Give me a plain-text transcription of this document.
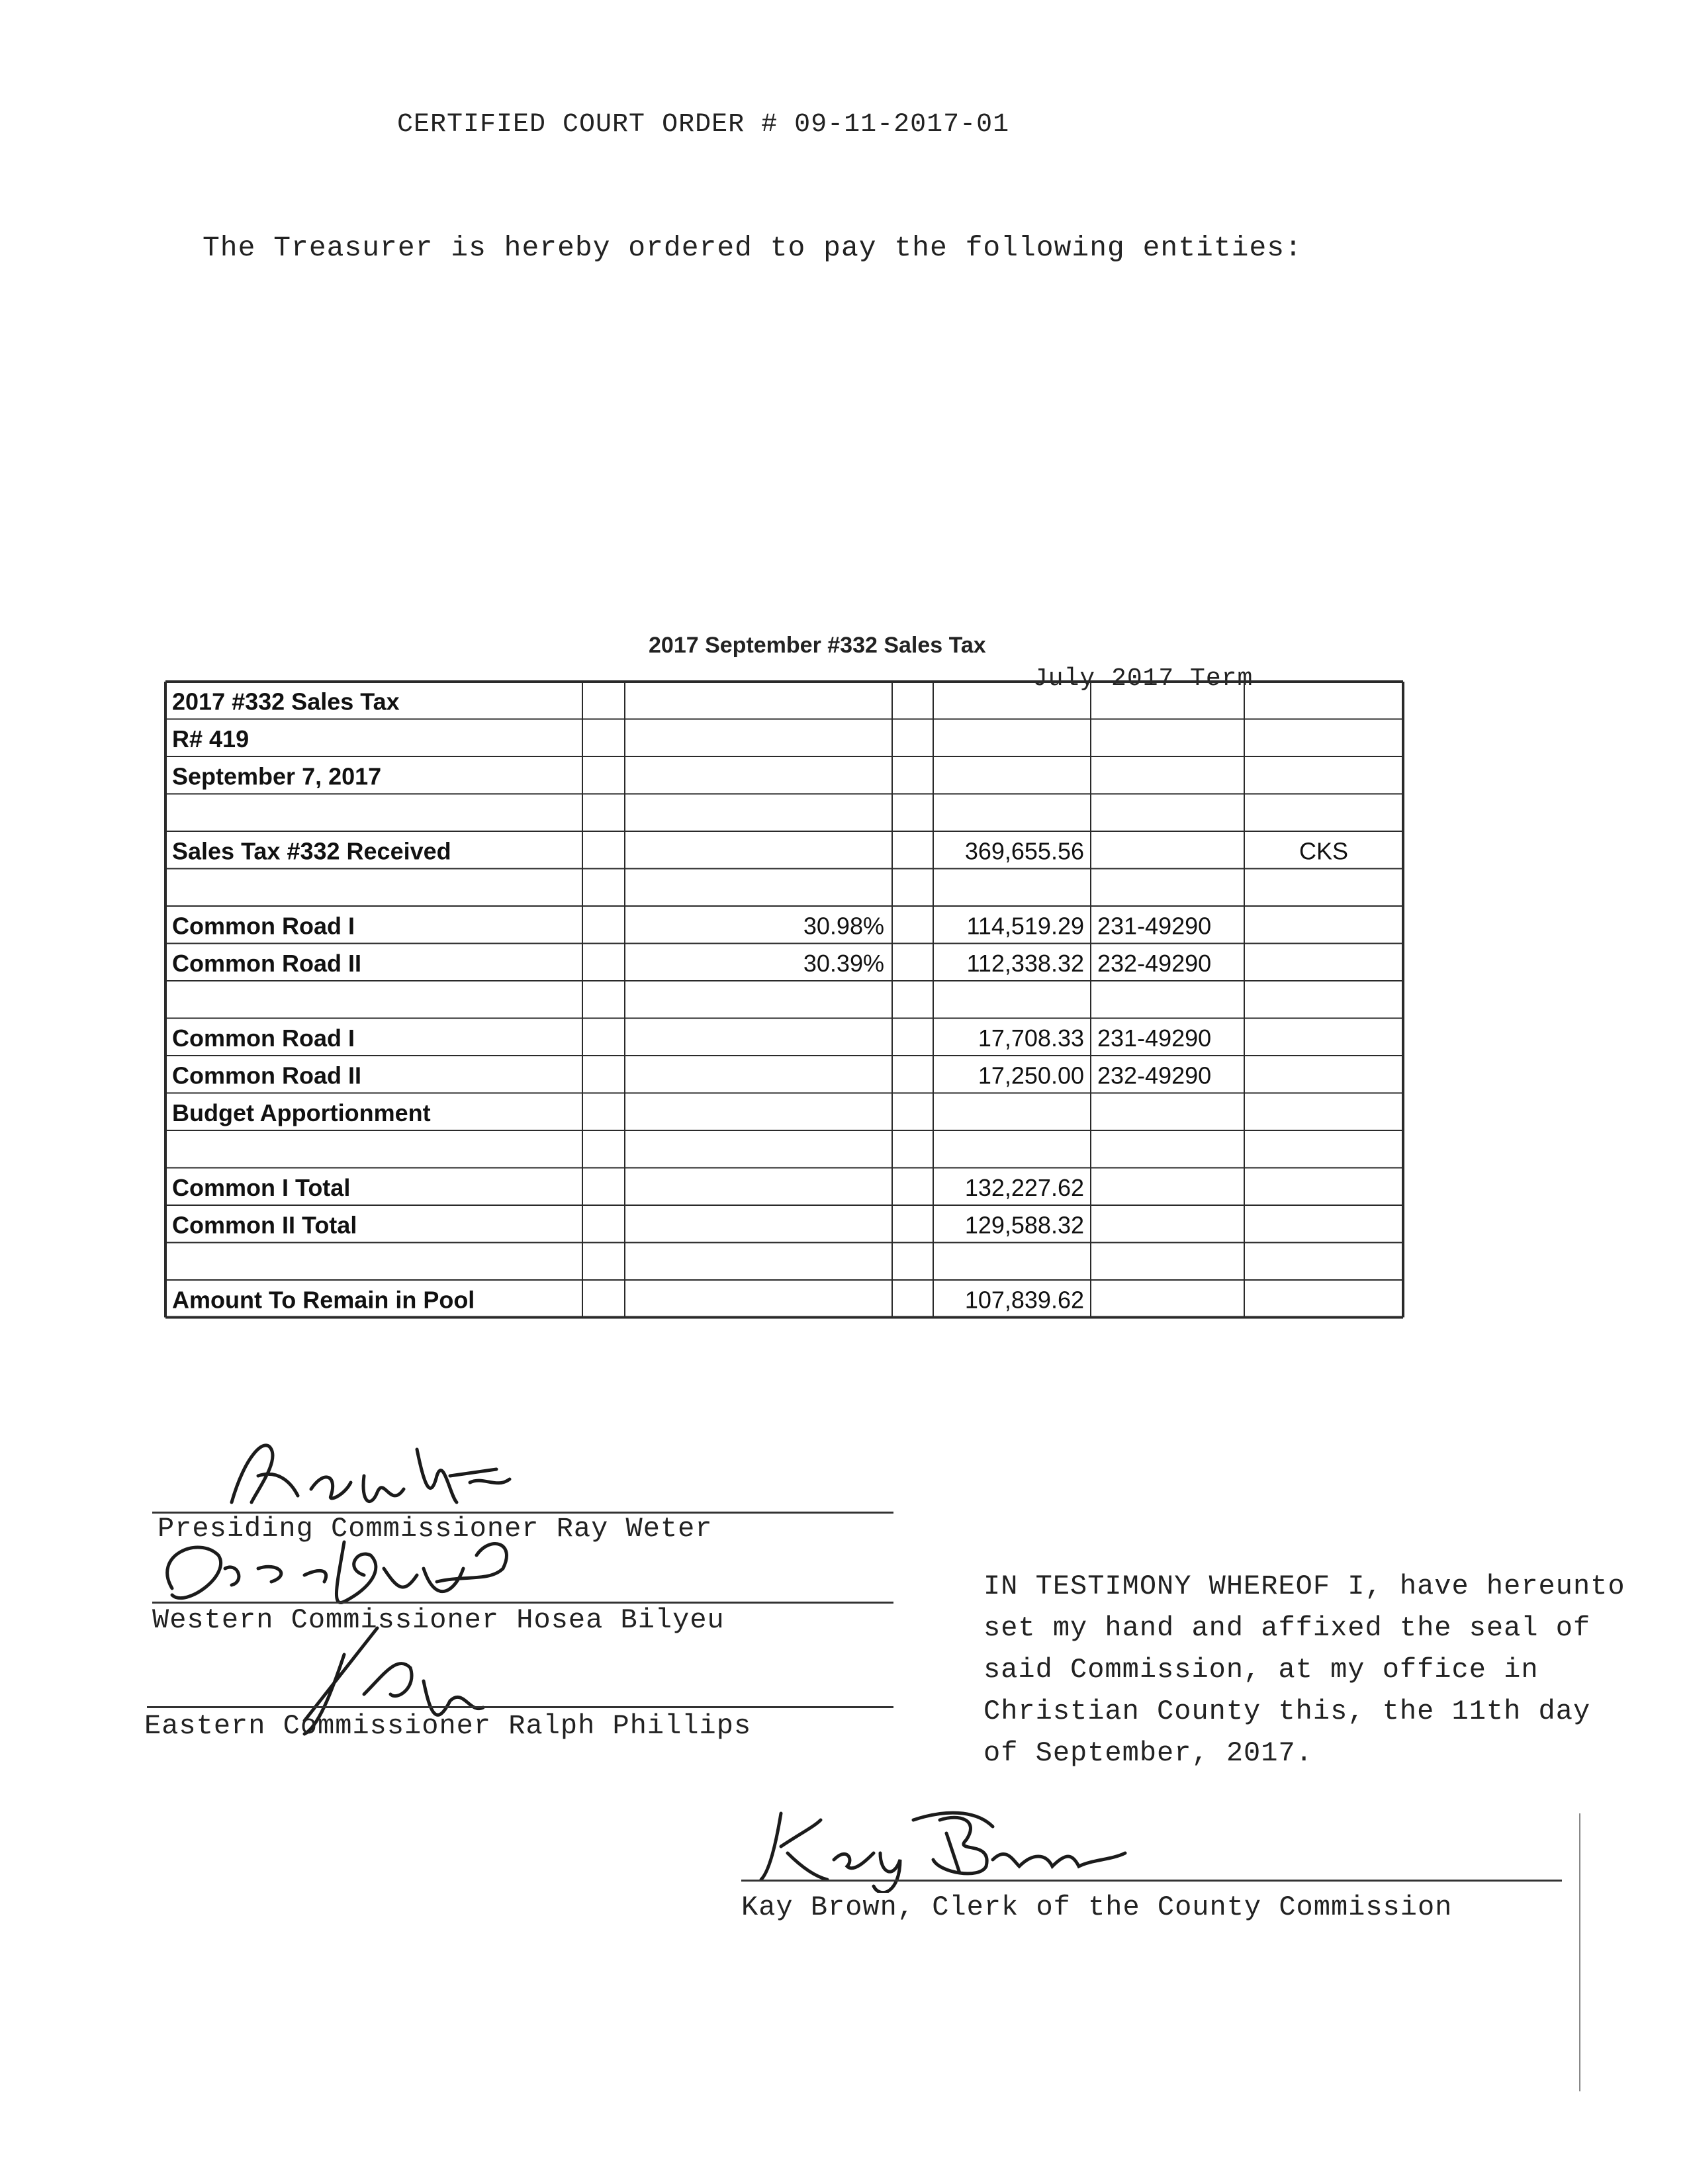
CERTIFIED COURT ORDER # 09-11-2017-01
The Treasurer is hereby ordered to pay the following entities:
2017 September #332 Sales Tax
July 2017 Term
2017 #332 Sales Tax
R# 419
September 7, 2017
Sales Tax #332 Received	369,655.56	CKS
Common Road I	30.98%	114,519.29 231-49290
Common Road II	30.39%	112,338.32 232-49290
Common Road I	17,708.33 231-49290
Common Road II	17,250.00 232-49290
Budget Apportionment
Common I Total	132,227.62
Common II Total	129,588.32
Amount To Remain in Pool	107,839.62
Presiding Commissioner Ray Weter
Western Commissioner Hosea Bilyeu
Eastern Commissioner Ralph Phillips
IN TESTIMONY WHEREOF I, have hereunto set my hand and affixed the seal of said Commission, at my office in Christian County this, the 11th day of September, 2017.
Kay Brown, Clerk of the County Commission
